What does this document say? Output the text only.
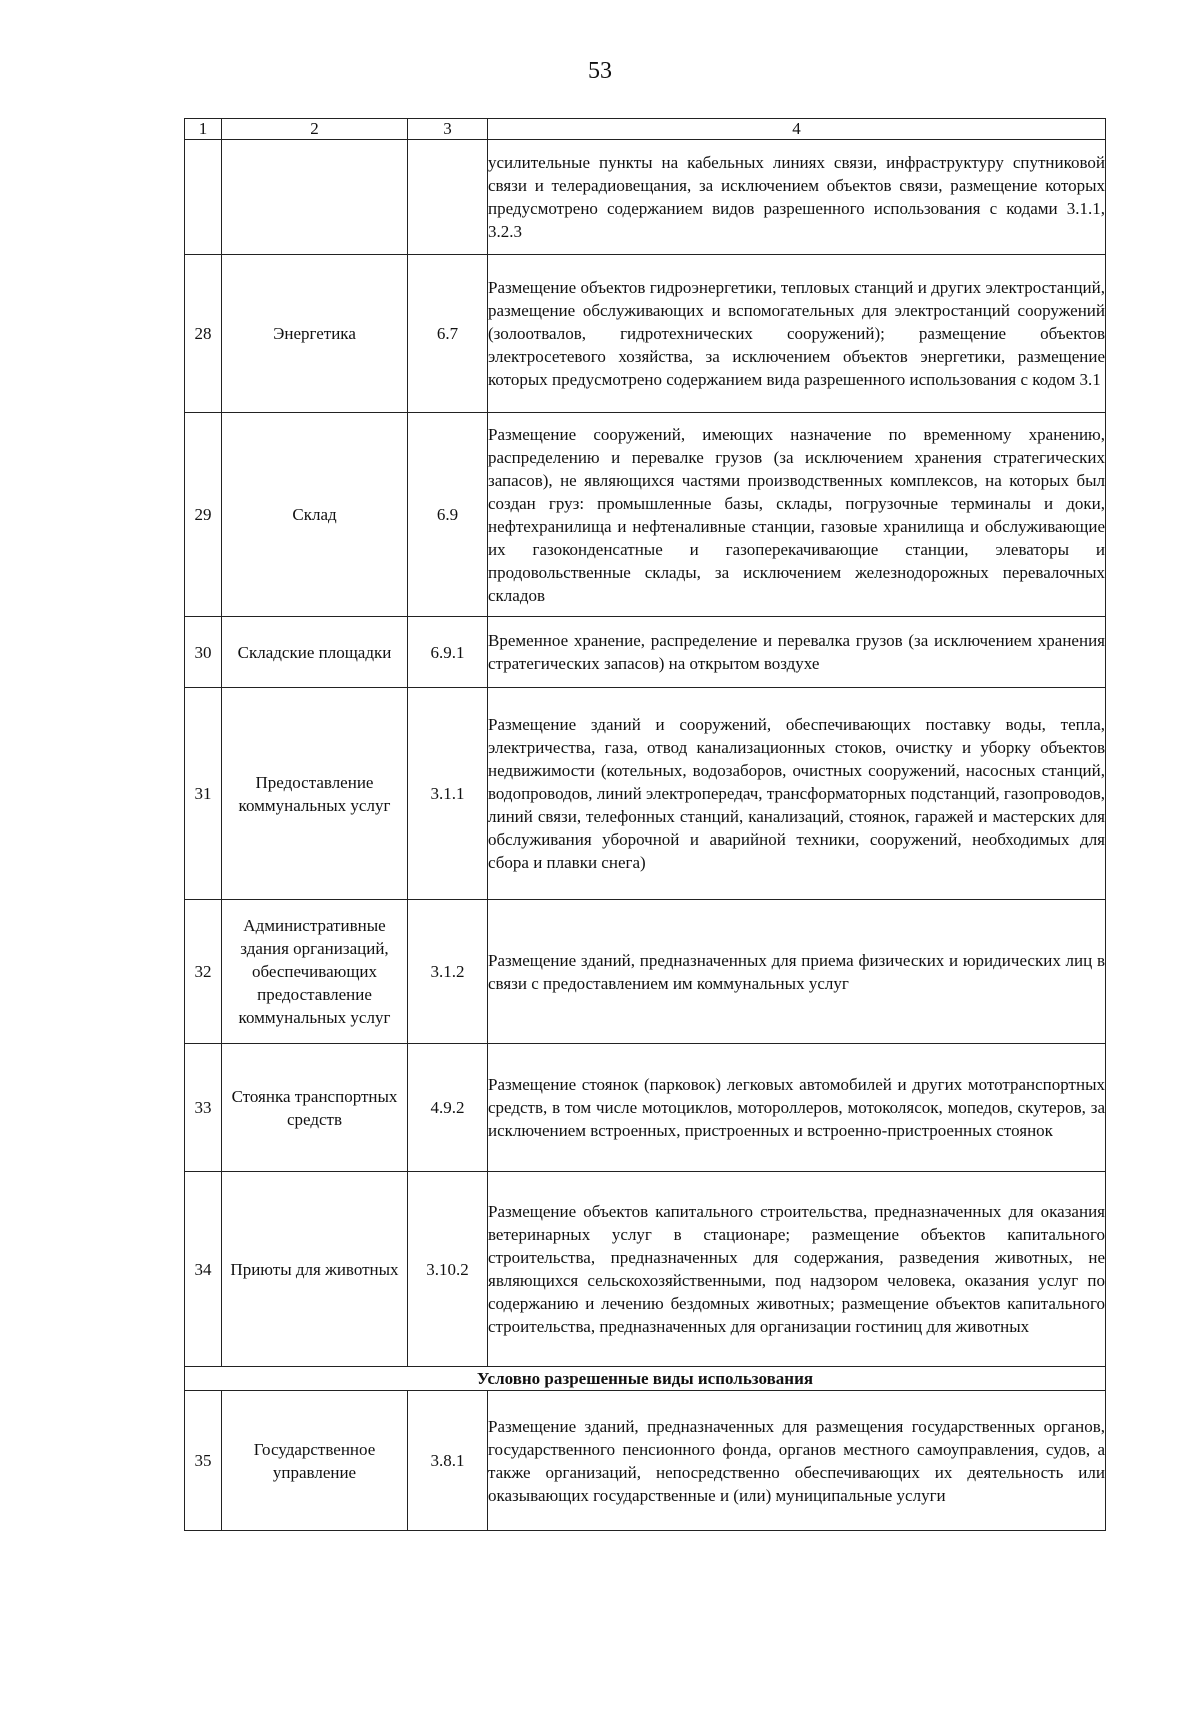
53
1	2	3	4
			усилительные пункты на кабельных линиях связи, инфраструктуру спутниковой связи и телерадиовещания, за исключением объектов связи, размещение которых предусмотрено содержанием видов разрешенного использования с кодами 3.1.1, 3.2.3
28	Энергетика	6.7	Размещение объектов гидроэнергетики, тепловых станций и других электростанций, размещение обслуживающих и вспомогательных для электростанций сооружений (золоотвалов, гидротехнических сооружений); размещение объектов электросетевого хозяйства, за исключением объектов энергетики, размещение которых предусмотрено содержанием вида разрешенного использования с кодом 3.1
29	Склад	6.9	Размещение сооружений, имеющих назначение по временному хранению, распределению и перевалке грузов (за исключением хранения стратегических запасов), не являющихся частями производственных комплексов, на которых был создан груз: промышленные базы, склады, погрузочные терминалы и доки, нефтехранилища и нефтеналивные станции, газовые хранилища и обслуживающие их газоконденсатные и газоперекачивающие станции, элеваторы и продовольственные склады, за исключением железнодорожных перевалочных складов
30	Складские площадки	6.9.1	Временное хранение, распределение и перевалка грузов (за исключением хранения стратегических запасов) на открытом воздухе
31	Предоставление коммунальных услуг	3.1.1	Размещение зданий и сооружений, обеспечивающих поставку воды, тепла, электричества, газа, отвод канализационных стоков, очистку и уборку объектов недвижимости (котельных, водозаборов, очистных сооружений, насосных станций, водопроводов, линий электропередач, трансформаторных подстанций, газопроводов, линий связи, телефонных станций, канализаций, стоянок, гаражей и мастерских для обслуживания уборочной и аварийной техники, сооружений, необходимых для сбора и плавки снега)
32	Административные здания организаций, обеспечивающих предоставление коммунальных услуг	3.1.2	Размещение зданий, предназначенных для приема физических и юридических лиц в связи с предоставлением им коммунальных услуг
33	Стоянка транспортных средств	4.9.2	Размещение стоянок (парковок) легковых автомобилей и других мототранспортных средств, в том числе мотоциклов, мотороллеров, мотоколясок, мопедов, скутеров, за исключением встроенных, пристроенных и встроенно-пристроенных стоянок
34	Приюты для животных	3.10.2	Размещение объектов капитального строительства, предназначенных для оказания ветеринарных услуг в стационаре; размещение объектов капитального строительства, предназначенных для содержания, разведения животных, не являющихся сельскохозяйственными, под надзором человека, оказания услуг по содержанию и лечению бездомных животных; размещение объектов капитального строительства, предназначенных для организации гостиниц для животных
Условно разрешенные виды использования			
35	Государственное управление	3.8.1	Размещение зданий, предназначенных для размещения государственных органов, государственного пенсионного фонда, органов местного самоуправления, судов, а также организаций, непосредственно обеспечивающих их деятельность или оказывающих государственные и (или) муниципальные услуги
